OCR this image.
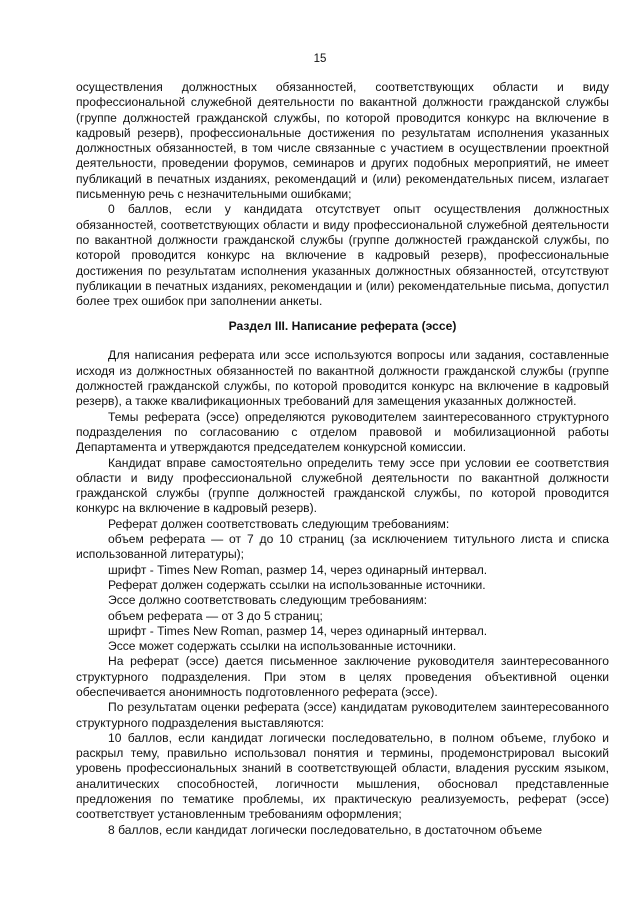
15

осуществления должностных обязанностей, соответствующих области и виду профессиональной служебной деятельности по вакантной должности гражданской службы (группе должностей гражданской службы, по которой проводится конкурс на включение в кадровый резерв), профессиональные достижения по результатам исполнения указанных должностных обязанностей, в том числе связанные с участием в осуществлении проектной деятельности, проведении форумов, семинаров и других подобных мероприятий, не имеет публикаций в печатных изданиях, рекомендаций и (или) рекомендательных писем, излагает письменную речь с незначительными ошибками;

0 баллов, если у кандидата отсутствует опыт осуществления должностных обязанностей, соответствующих области и виду профессиональной служебной деятельности по вакантной должности гражданской службы (группе должностей гражданской службы, по которой проводится конкурс на включение в кадровый резерв), профессиональные достижения по результатам исполнения указанных должностных обязанностей, отсутствуют публикации в печатных изданиях, рекомендации и (или) рекомендательные письма, допустил более трех ошибок при заполнении анкеты.

Раздел III. Написание реферата (эссе)

Для написания реферата или эссе используются вопросы или задания, составленные исходя из должностных обязанностей по вакантной должности гражданской службы (группе должностей гражданской службы, по которой проводится конкурс на включение в кадровый резерв), а также квалификационных требований для замещения указанных должностей.

Темы реферата (эссе) определяются руководителем заинтересованного структурного подразделения по согласованию с отделом правовой и мобилизационной работы Департамента и утверждаются председателем конкурсной комиссии.

Кандидат вправе самостоятельно определить тему эссе при условии ее соответствия области и виду профессиональной служебной деятельности по вакантной должности гражданской службы (группе должностей гражданской службы, по которой проводится конкурс на включение в кадровый резерв).

Реферат должен соответствовать следующим требованиям:

объем реферата — от 7 до 10 страниц (за исключением титульного листа и списка использованной литературы);

шрифт - Times New Roman, размер 14, через одинарный интервал.

Реферат должен содержать ссылки на использованные источники.

Эссе должно соответствовать следующим требованиям:

объем реферата — от 3 до 5 страниц;

шрифт - Times New Roman, размер 14, через одинарный интервал.

Эссе может содержать ссылки на использованные источники.

На реферат (эссе) дается письменное заключение руководителя заинтересованного структурного подразделения. При этом в целях проведения объективной оценки обеспечивается анонимность подготовленного реферата (эссе).

По результатам оценки реферата (эссе) кандидатам руководителем заинтересованного структурного подразделения выставляются:

10 баллов, если кандидат логически последовательно, в полном объеме, глубоко и раскрыл тему, правильно использовал понятия и термины, продемонстрировал высокий уровень профессиональных знаний в соответствующей области, владения русским языком, аналитических способностей, логичности мышления, обосновал представленные предложения по тематике проблемы, их практическую реализуемость, реферат (эссе) соответствует установленным требованиям оформления;

8 баллов, если кандидат логически последовательно, в достаточном объеме
